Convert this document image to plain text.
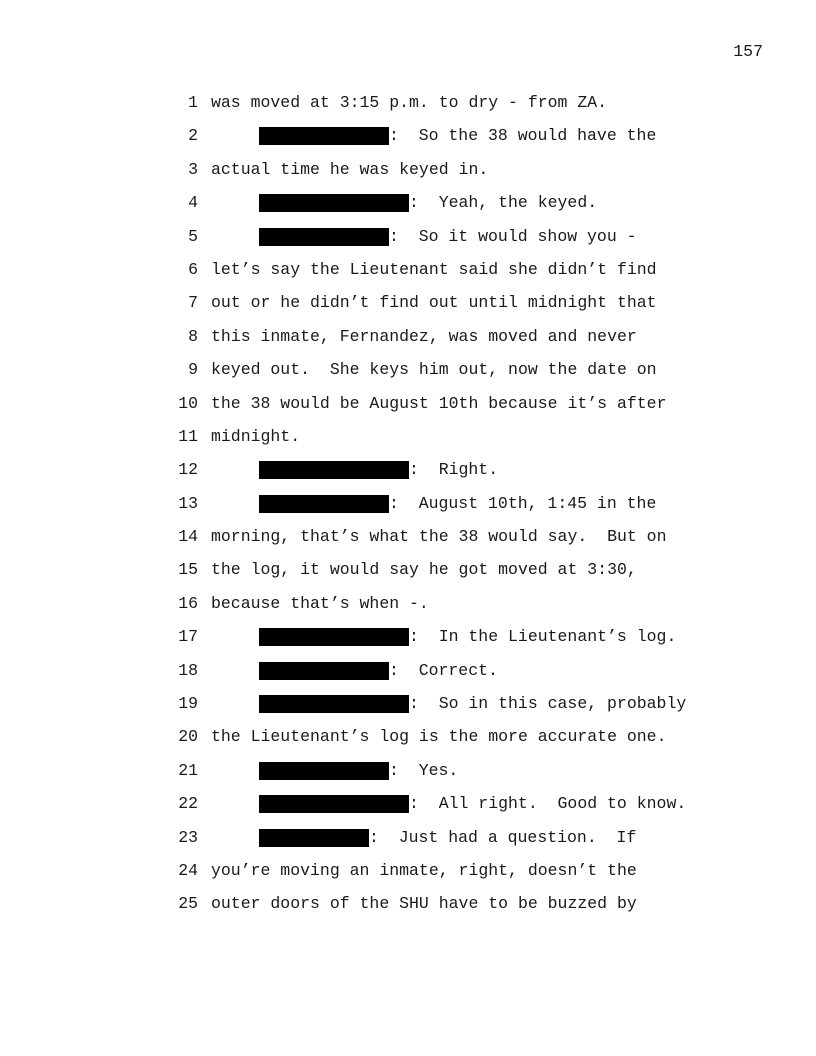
157
1 was moved at 3:15 p.m. to dry - from ZA.
2	:  So the 38 would have the
3 actual time he was keyed in.
4	:  Yeah, the keyed.
5	:  So it would show you -
6 let’s say the Lieutenant said she didn’t find
7 out or he didn’t find out until midnight that
8 this inmate, Fernandez, was moved and never
9 keyed out.  She keys him out, now the date on
10 the 38 would be August 10th because it’s after
11 midnight.
12	:  Right.
13	:  August 10th, 1:45 in the
14 morning, that’s what the 38 would say.  But on
15 the log, it would say he got moved at 3:30,
16 because that’s when -.
17	:  In the Lieutenant’s log.
18	:  Correct.
19	:  So in this case, probably
20 the Lieutenant’s log is the more accurate one.
21	:  Yes.
22	:  All right.  Good to know.
23	:  Just had a question.  If
24 you’re moving an inmate, right, doesn’t the
25 outer doors of the SHU have to be buzzed by
